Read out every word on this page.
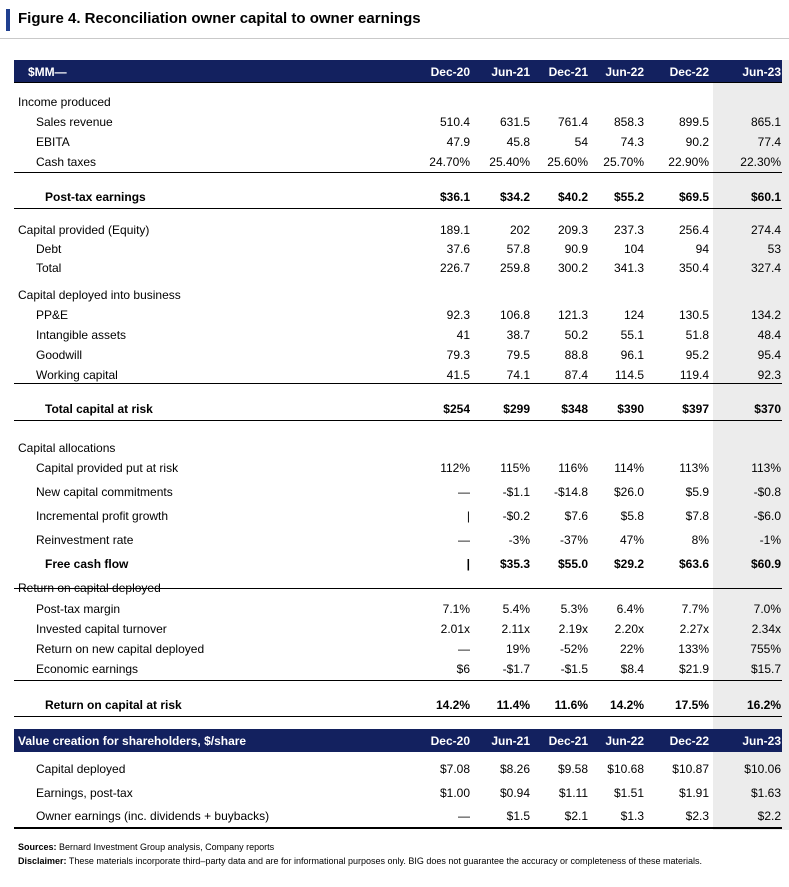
Figure 4. Reconciliation owner capital to owner earnings
$MM—	Dec-20	Jun-21	Dec-21	Jun-22	Dec-22	Jun-23
Income produced
Sales revenue	510.4	631.5	761.4	858.3	899.5	865.1
EBITA	47.9	45.8	54	74.3	90.2	77.4
Cash taxes	24.70%	25.40%	25.60%	25.70%	22.90%	22.30%
Post-tax earnings	$36.1	$34.2	$40.2	$55.2	$69.5	$60.1
Capital provided (Equity)	189.1	202	209.3	237.3	256.4	274.4
Debt	37.6	57.8	90.9	104	94	53
Total	226.7	259.8	300.2	341.3	350.4	327.4
Capital deployed into business
PP&E	92.3	106.8	121.3	124	130.5	134.2
Intangible assets	41	38.7	50.2	55.1	51.8	48.4
Goodwill	79.3	79.5	88.8	96.1	95.2	95.4
Working capital	41.5	74.1	87.4	114.5	119.4	92.3
Total capital at risk	$254	$299	$348	$390	$397	$370
Capital allocations
Capital provided put at risk	112%	115%	116%	114%	113%	113%
New capital commitments	—	-$1.1	-$14.8	$26.0	$5.9	-$0.8
Incremental profit growth	|	-$0.2	$7.6	$5.8	$7.8	-$6.0
Reinvestment rate	—	-3%	-37%	47%	8%	-1%
Free cash flow	|	$35.3	$55.0	$29.2	$63.6	$60.9
Return on capital deployed
Post-tax margin	7.1%	5.4%	5.3%	6.4%	7.7%	7.0%
Invested capital turnover	2.01x	2.11x	2.19x	2.20x	2.27x	2.34x
Return on new capital deployed	—	19%	-52%	22%	133%	755%
Economic earnings	$6	-$1.7	-$1.5	$8.4	$21.9	$15.7
Return on capital at risk	14.2%	11.4%	11.6%	14.2%	17.5%	16.2%
Value creation for shareholders, $/share	Dec-20	Jun-21	Dec-21	Jun-22	Dec-22	Jun-23
Capital deployed	$7.08	$8.26	$9.58	$10.68	$10.87	$10.06
Earnings, post-tax	$1.00	$0.94	$1.11	$1.51	$1.91	$1.63
Owner earnings (inc. dividends + buybacks)	—	$1.5	$2.1	$1.3	$2.3	$2.2
Sources: Bernard Investment Group analysis, Company reports
Disclaimer: These materials incorporate third–party data and are for informational purposes only. BIG does not guarantee the accuracy or completeness of these materials.
